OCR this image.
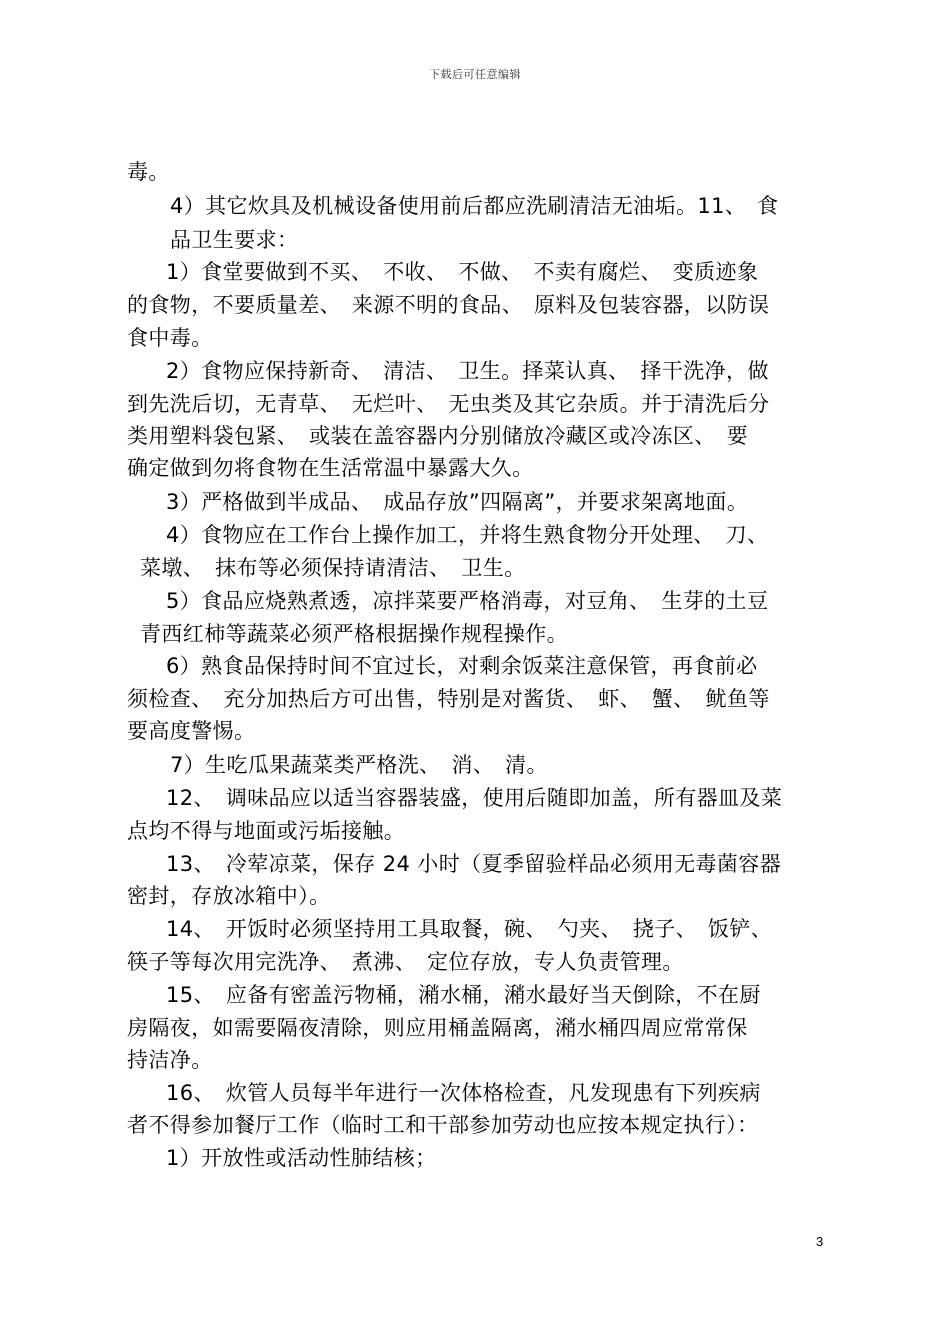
下载后可任意编辑
毒。
4）其它炊具及机械设备使用前后都应洗刷清洁无油垢。11、　食
品卫生要求：
1）食堂要做到不买、　不收、　不做、　不卖有腐烂、　变质迹象
的食物，不要质量差、　来源不明的食品、　原料及包装容器，以防误
食中毒。
2）食物应保持新奇、　清洁、　卫生。择菜认真、　择干洗净，做
到先洗后切，无青草、　无烂叶、　无虫类及其它杂质。并于清洗后分
类用塑料袋包紧、　或装在盖容器内分别储放冷藏区或冷冻区、　要
确定做到勿将食物在生活常温中暴露大久。
3）严格做到半成品、　成品存放”四隔离”，并要求架离地面。
4）食物应在工作台上操作加工，并将生熟食物分开处理、　刀、
菜墩、　抹布等必须保持请清洁、　卫生。
5）食品应烧熟煮透，凉拌菜要严格消毒，对豆角、　生芽的土豆
青西红柿等蔬菜必须严格根据操作规程操作。
6）熟食品保持时间不宜过长，对剩余饭菜注意保管，再食前必
须检查、　充分加热后方可出售，特别是对酱货、　虾、　蟹、　鱿鱼等
要高度警惕。
7）生吃瓜果蔬菜类严格洗、　消、　清。
12、　调味品应以适当容器装盛，使用后随即加盖，所有器皿及菜
点均不得与地面或污垢接触。
13、　冷荤凉菜，保存 24 小时（夏季留验样品必须用无毒菌容器
密封，存放冰箱中）。
14、　开饭时必须坚持用工具取餐，碗、　勺夹、　挠子、　饭铲、
筷子等每次用完洗净、　煮沸、　定位存放，专人负责管理。
15、　应备有密盖污物桶，潲水桶，潲水最好当天倒除，不在厨
房隔夜，如需要隔夜清除，则应用桶盖隔离，潲水桶四周应常常保
持洁净。
16、　炊管人员每半年进行一次体格检查，凡发现患有下列疾病
者不得参加餐厅工作（临时工和干部参加劳动也应按本规定执行）：
1）开放性或活动性肺结核；
3
